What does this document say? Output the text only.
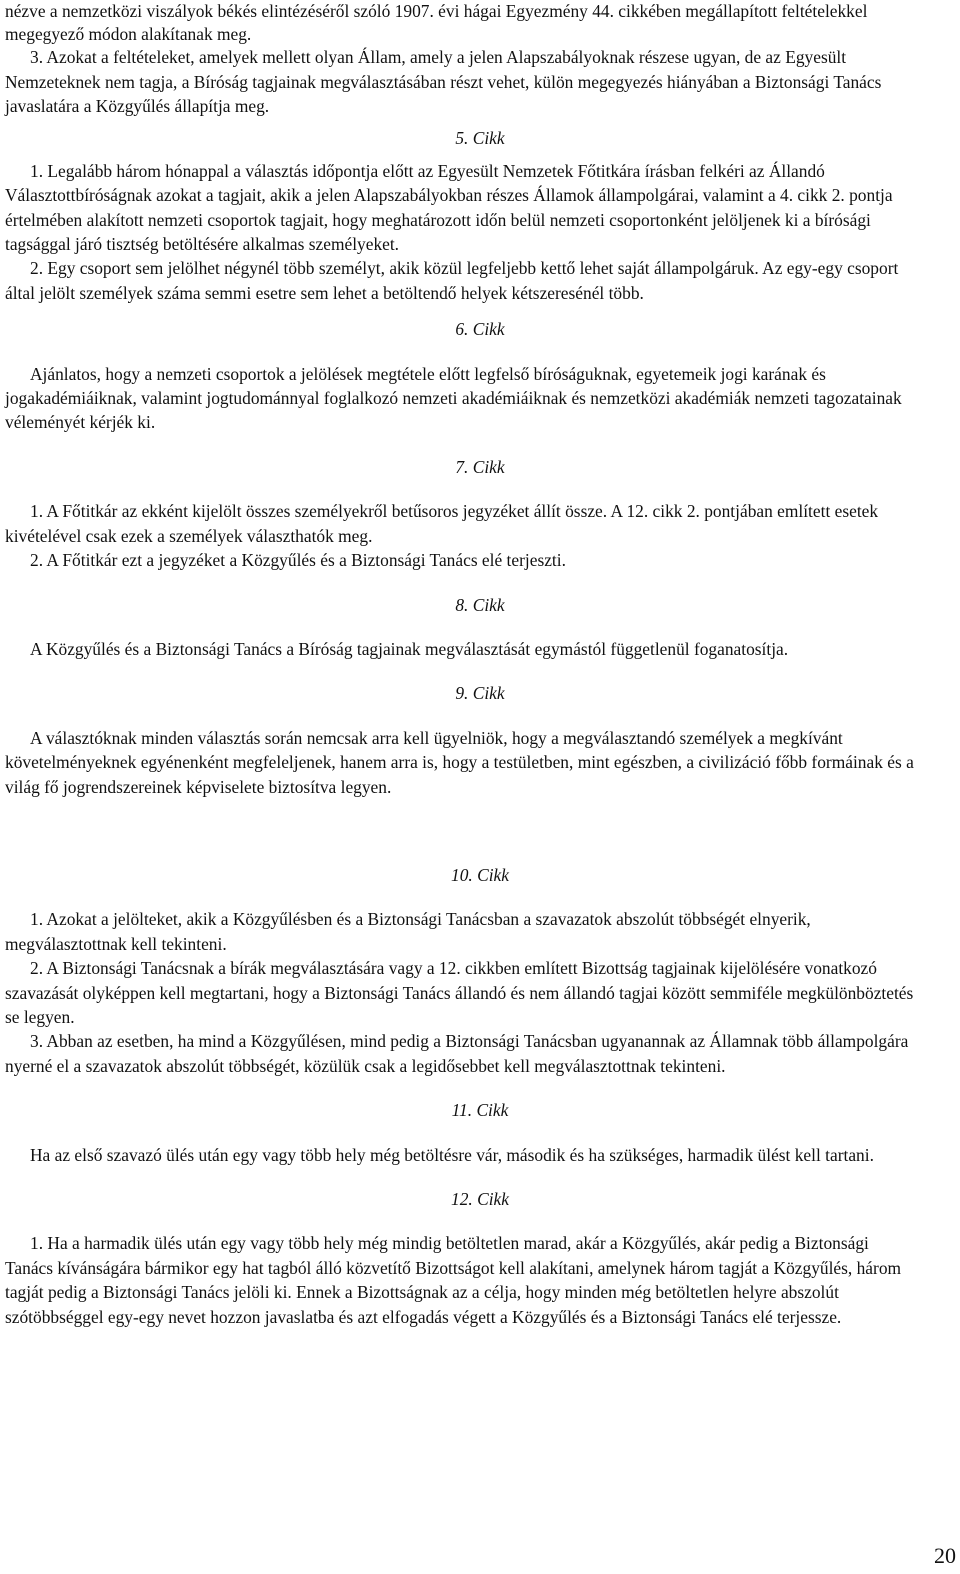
nézve a nemzetközi viszályok békés elintézéséről szóló 1907. évi hágai Egyezmény 44. cikkében megállapított feltételekkel megegyező módon alakítanak meg.

3. Azokat a feltételeket, amelyek mellett olyan Állam, amely a jelen Alapszabályoknak részese ugyan, de az Egyesült Nemzeteknek nem tagja, a Bíróság tagjainak megválasztásában részt vehet, külön megegyezés hiányában a Biztonsági Tanács javaslatára a Közgyűlés állapítja meg.

5. Cikk

1. Legalább három hónappal a választás időpontja előtt az Egyesült Nemzetek Főtitkára írásban felkéri az Állandó Választottbíróságnak azokat a tagjait, akik a jelen Alapszabályokban részes Államok állampolgárai, valamint a 4. cikk 2. pontja értelmében alakított nemzeti csoportok tagjait, hogy meghatározott időn belül nemzeti csoportonként jelöljenek ki a bírósági tagsággal járó tisztség betöltésére alkalmas személyeket.

2. Egy csoport sem jelölhet négynél több személyt, akik közül legfeljebb kettő lehet saját állampolgáruk. Az egy-egy csoport által jelölt személyek száma semmi esetre sem lehet a betöltendő helyek kétszeresénél több.

6. Cikk

Ajánlatos, hogy a nemzeti csoportok a jelölések megtétele előtt legfelső bíróságuknak, egyetemeik jogi karának és jogakadémiáiknak, valamint jogtudománnyal foglalkozó nemzeti akadémiáiknak és nemzetközi akadémiák nemzeti tagozatainak véleményét kérjék ki.

7. Cikk

1. A Főtitkár az ekként kijelölt összes személyekről betűsoros jegyzéket állít össze. A 12. cikk 2. pontjában említett esetek kivételével csak ezek a személyek választhatók meg.

2. A Főtitkár ezt a jegyzéket a Közgyűlés és a Biztonsági Tanács elé terjeszti.

8. Cikk

A Közgyűlés és a Biztonsági Tanács a Bíróság tagjainak megválasztását egymástól függetlenül foganatosítja.

9. Cikk

A választóknak minden választás során nemcsak arra kell ügyelniök, hogy a megválasztandó személyek a megkívánt követelményeknek egyénenként megfeleljenek, hanem arra is, hogy a testületben, mint egészben, a civilizáció főbb formáinak és a világ fő jogrendszereinek képviselete biztosítva legyen.

10. Cikk

1. Azokat a jelölteket, akik a Közgyűlésben és a Biztonsági Tanácsban a szavazatok abszolút többségét elnyerik, megválasztottnak kell tekinteni.

2. A Biztonsági Tanácsnak a bírák megválasztására vagy a 12. cikkben említett Bizottság tagjainak kijelölésére vonatkozó szavazását olyképpen kell megtartani, hogy a Biztonsági Tanács állandó és nem állandó tagjai között semmiféle megkülönböztetés se legyen.

3. Abban az esetben, ha mind a Közgyűlésen, mind pedig a Biztonsági Tanácsban ugyanannak az Államnak több állampolgára nyerné el a szavazatok abszolút többségét, közülük csak a legidősebbet kell megválasztottnak tekinteni.

11. Cikk

Ha az első szavazó ülés után egy vagy több hely még betöltésre vár, második és ha szükséges, harmadik ülést kell tartani.

12. Cikk

1. Ha a harmadik ülés után egy vagy több hely még mindig betöltetlen marad, akár a Közgyűlés, akár pedig a Biztonsági Tanács kívánságára bármikor egy hat tagból álló közvetítő Bizottságot kell alakítani, amelynek három tagját a Közgyűlés, három tagját pedig a Biztonsági Tanács jelöli ki. Ennek a Bizottságnak az a célja, hogy minden még betöltetlen helyre abszolút szótöbbséggel egy-egy nevet hozzon javaslatba és azt elfogadás végett a Közgyűlés és a Biztonsági Tanács elé terjessze.

20
